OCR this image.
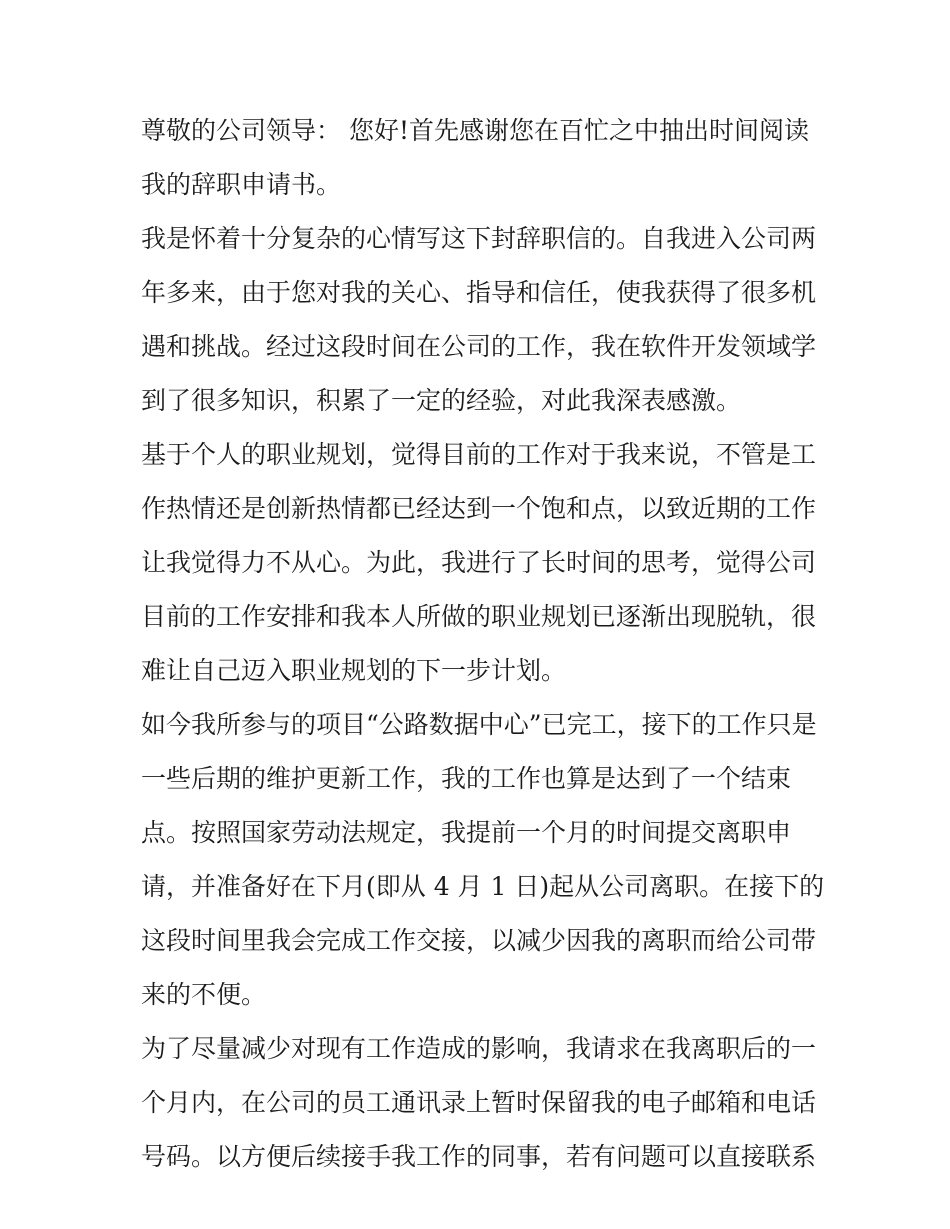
尊敬的公司领导： 您好!首先感谢您在百忙之中抽出时间阅读
我的辞职申请书。
我是怀着十分复杂的心情写这下封辞职信的。自我进入公司两
年多来，由于您对我的关心、指导和信任，使我获得了很多机
遇和挑战。经过这段时间在公司的工作，我在软件开发领域学
到了很多知识，积累了一定的经验，对此我深表感激。
基于个人的职业规划，觉得目前的工作对于我来说，不管是工
作热情还是创新热情都已经达到一个饱和点，以致近期的工作
让我觉得力不从心。为此，我进行了长时间的思考，觉得公司
目前的工作安排和我本人所做的职业规划已逐渐出现脱轨，很
难让自己迈入职业规划的下一步计划。
如今我所参与的项目“公路数据中心”已完工，接下的工作只是
一些后期的维护更新工作，我的工作也算是达到了一个结束
点。按照国家劳动法规定，我提前一个月的时间提交离职申
请，并准备好在下月(即从 4 月 1 日)起从公司离职。在接下的
这段时间里我会完成工作交接，以减少因我的离职而给公司带
来的不便。
为了尽量减少对现有工作造成的影响，我请求在我离职后的一
个月内，在公司的员工通讯录上暂时保留我的电子邮箱和电话
号码。以方便后续接手我工作的同事，若有问题可以直接联系
